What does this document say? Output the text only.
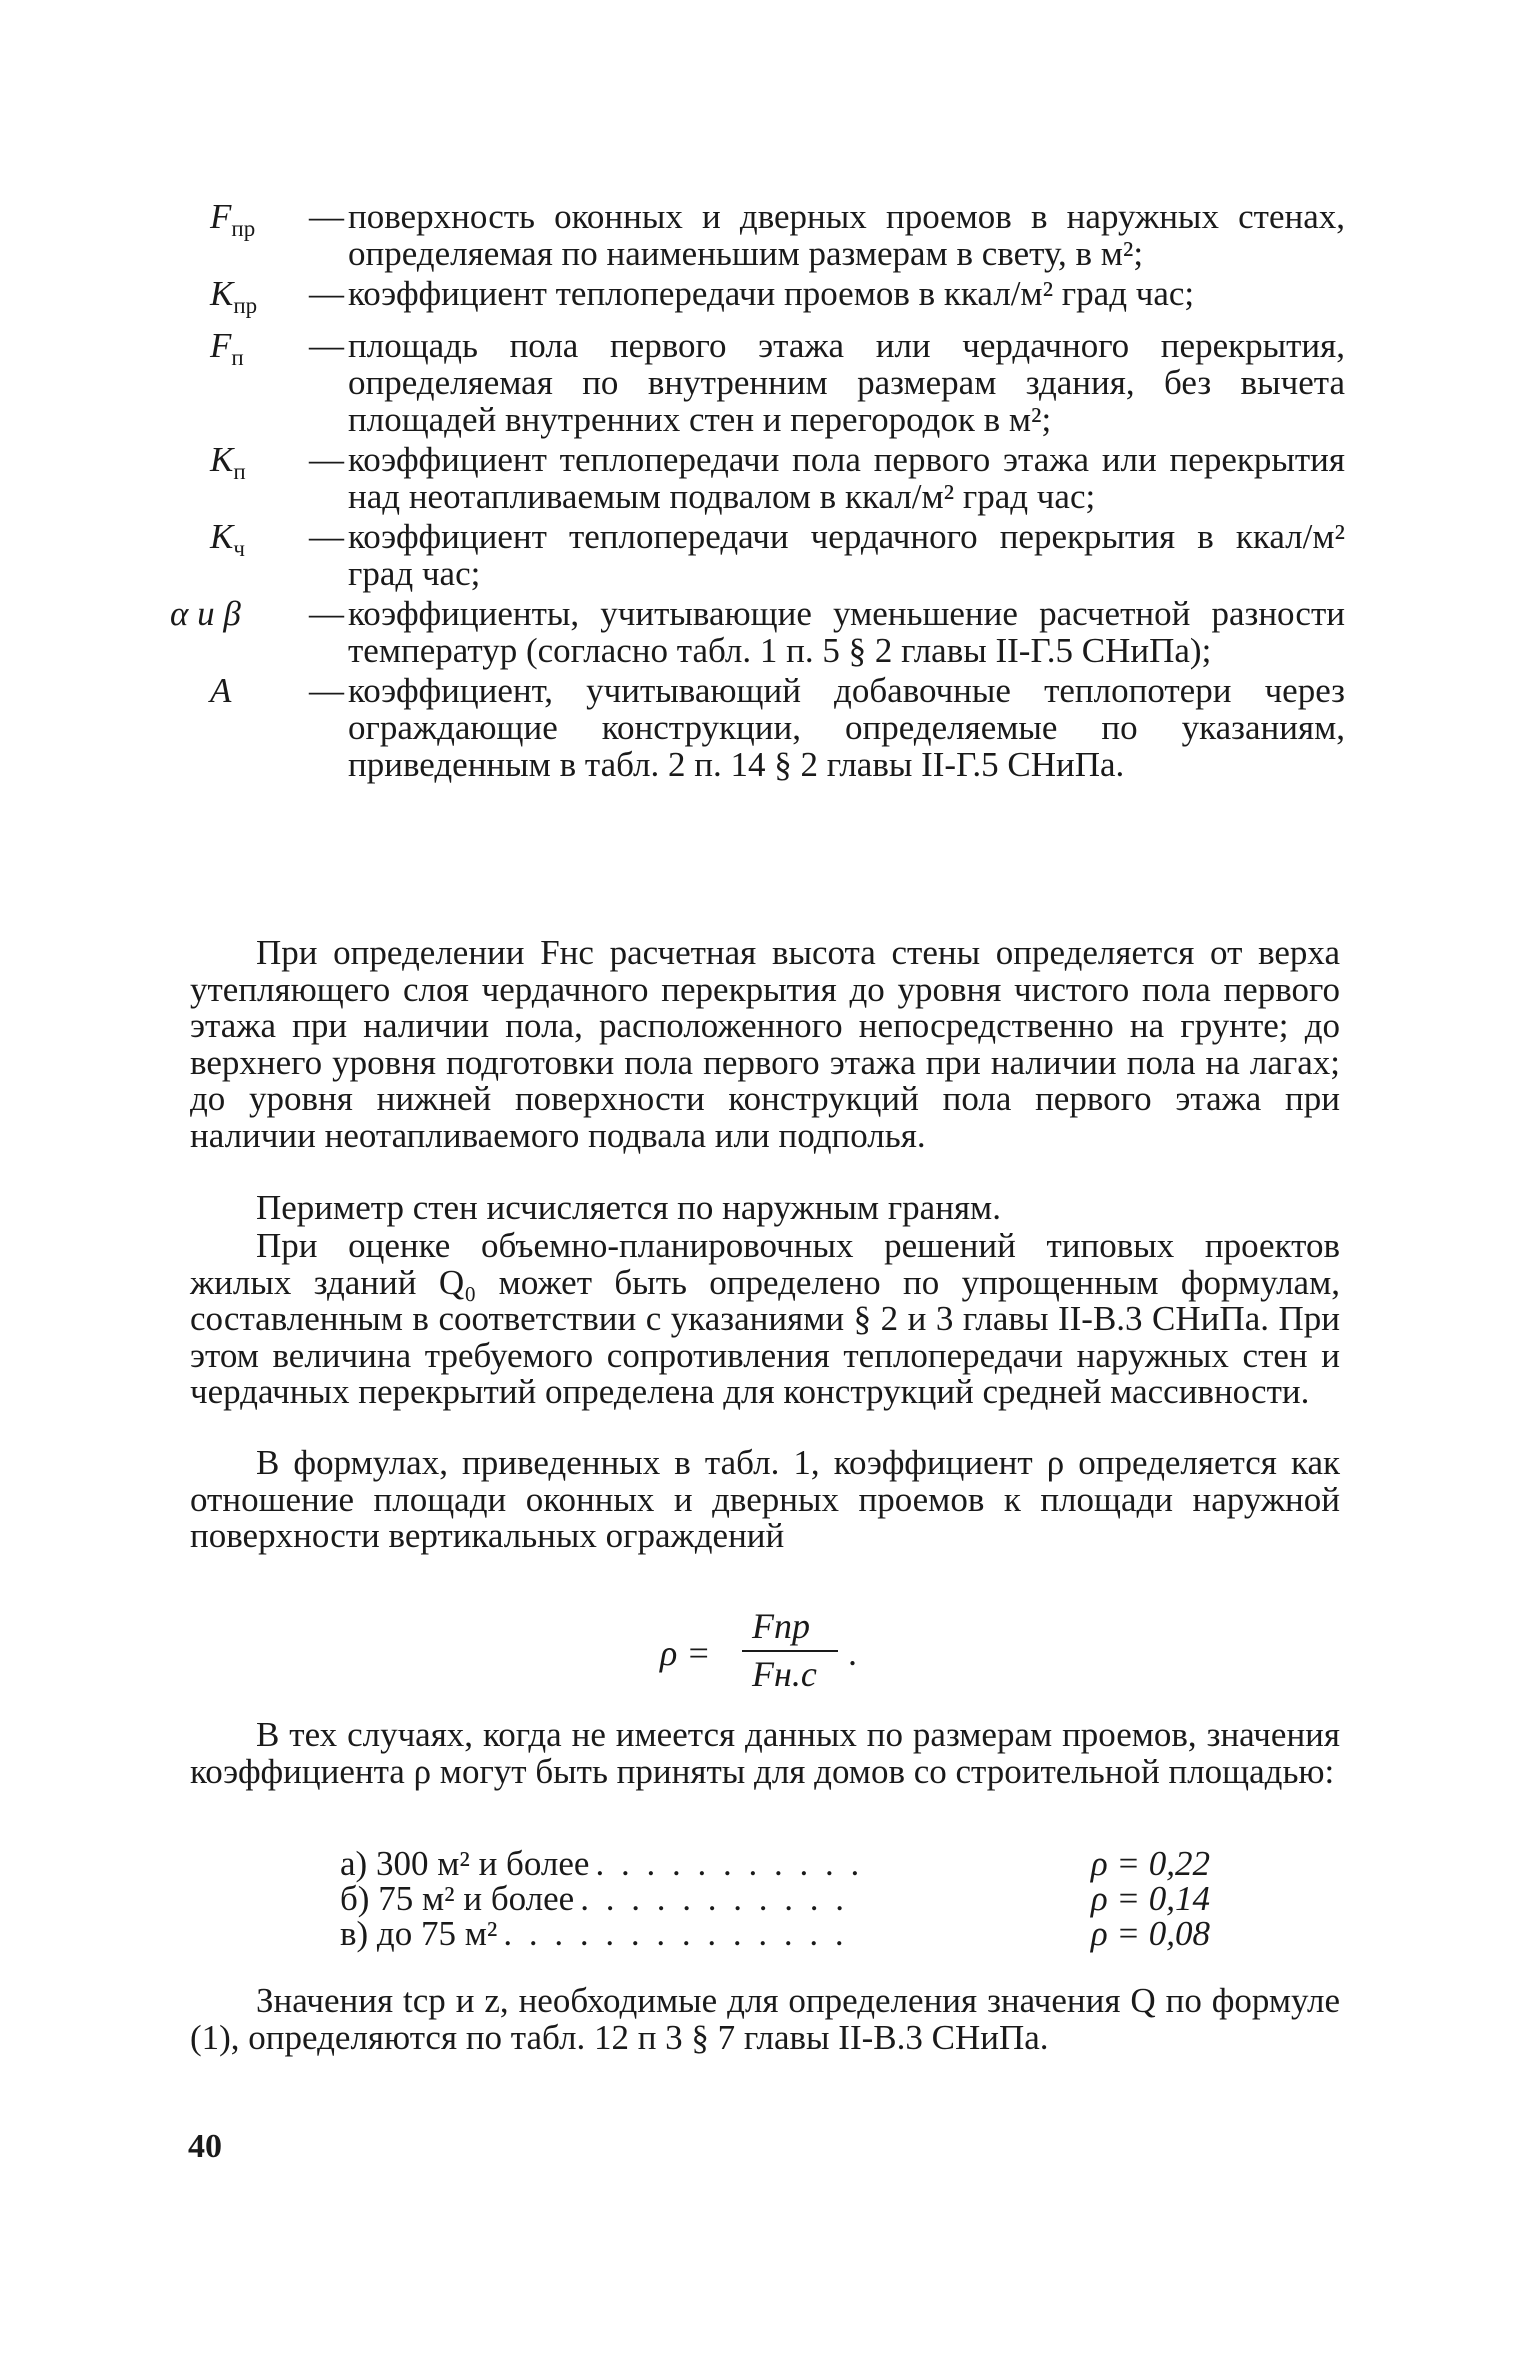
$F_{пр}$	— поверхность оконных и дверных проемов в наружных стенах, определяемая по наименьшим размерам в свету, в м²;
$K_{пр}$	— коэффициент теплопередачи проемов в ккал/м² град час;
$F_п$	— площадь пола первого этажа или чердачного перекрытия, определяемая по внутренним размерам здания, без вычета площадей внутренних стен и перегородок в м²;
$K_п$	— коэффициент теплопередачи пола первого этажа или перекрытия над неотапливаемым подвалом в ккал/м² град час;
$K_ч$	— коэффициент теплопередачи чердачного перекрытия в ккал/м² град час;
α и β	— коэффициенты, учитывающие уменьшение расчетной разности температур (согласно табл. 1 п. 5 § 2 главы II-Г.5 СНиПа);
A	— коэффициент, учитывающий добавочные теплопотери через ограждающие конструкции, определяемые по указаниям, приведенным в табл. 2 п. 14 § 2 главы II-Г.5 СНиПа.

При определении Fнс расчетная высота стены определяется от верха утепляющего слоя чердачного перекрытия до уровня чистого пола первого этажа при наличии пола, расположенного непосредственно на грунте; до верхнего уровня подготовки пола первого этажа при наличии пола на лагах; до уровня нижней поверхности конструкций пола первого этажа при наличии неотапливаемого подвала или подполья.

Периметр стен исчисляется по наружным граням.

При оценке объемно-планировочных решений типовых проектов жилых зданий Q₀ может быть определено по упрощенным формулам, составленным в соответствии с указаниями § 2 и 3 главы II-В.3 СНиПа. При этом величина требуемого сопротивления теплопередачи наружных стен и чердачных перекрытий определена для конструкций средней массивности.

В формулах, приведенных в табл. 1, коэффициент ρ определяется как отношение площади оконных и дверных проемов к площади наружной поверхности вертикальных ограждений

ρ =
Fпр
Fн.с
.

В тех случаях, когда не имеется данных по размерам проемов, значения коэффициента ρ могут быть приняты для домов со строительной площадью:

а) 300 м² и более . . . . . . . . . . .	ρ = 0,22
б) 75 м² и более . . . . . . . . . . .	ρ = 0,14
в) до 75 м² . . . . . . . . . . . . . .	ρ = 0,08

Значения tср и z, необходимые для определения значения Q по формуле (1), определяются по табл. 12 п 3 § 7 главы II-В.3 СНиПа.

40
